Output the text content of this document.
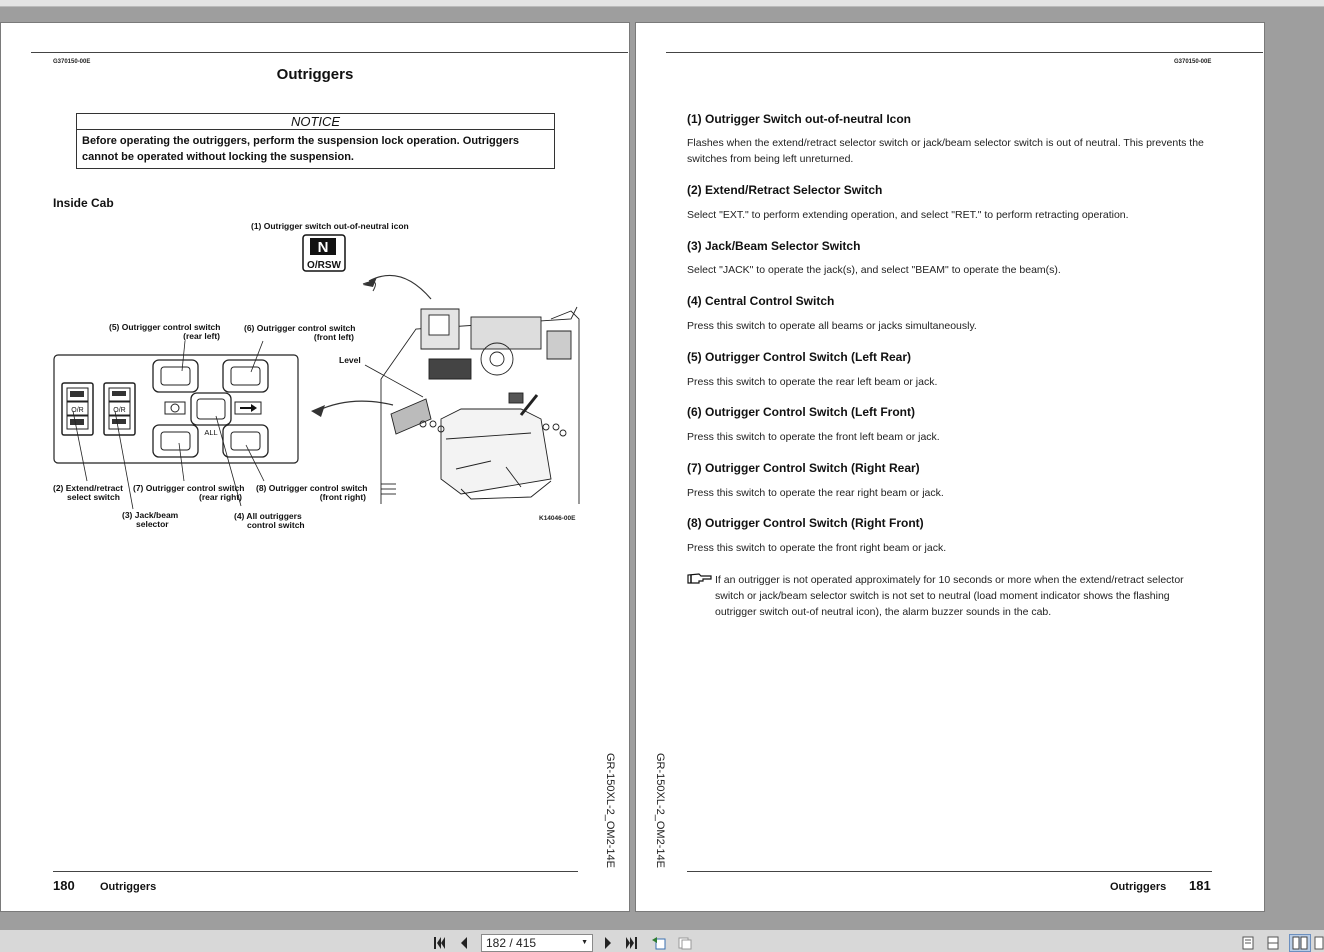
G370150-00E
Outriggers
NOTICE
Before operating the outriggers, perform the suspension lock operation. Outriggers cannot be operated without locking the suspension.
Inside Cab
(1) Outrigger switch out-of-neutral icon
N
O/RSW
(5) Outrigger control switch
(rear left)
(6) Outrigger control switch
(front left)
Level
O/R	O/R
ALL
(2) Extend/retract
select switch
(7) Outrigger control switch
(rear right)
(8) Outrigger control switch
(front right)
(3) Jack/beam
selector
(4) All outriggers
control switch
K14046-00E
GR-150XL-2_OM2-14E
180 Outriggers
G370150-00E
(1) Outrigger Switch out-of-neutral Icon
Flashes when the extend/retract selector switch or jack/beam selector switch is out of neutral. This prevents the switches from being left unreturned.
(2) Extend/Retract Selector Switch
Select "EXT." to perform extending operation, and select "RET." to perform retracting operation.
(3) Jack/Beam Selector Switch
Select "JACK" to operate the jack(s), and select "BEAM" to operate the beam(s).
(4) Central Control Switch
Press this switch to operate all beams or jacks simultaneously.
(5) Outrigger Control Switch (Left Rear)
Press this switch to operate the rear left beam or jack.
(6) Outrigger Control Switch (Left Front)
Press this switch to operate the front left beam or jack.
(7) Outrigger Control Switch (Right Rear)
Press this switch to operate the rear right beam or jack.
(8) Outrigger Control Switch (Right Front)
Press this switch to operate the front right beam or jack.
If an outrigger is not operated approximately for 10 seconds or more when the extend/retract selector switch or jack/beam selector switch is not set to neutral (load moment indicator shows the flashing outrigger switch out-of neutral icon), the alarm buzzer sounds in the cab.
GR-150XL-2_OM2-14E
Outriggers 181
182 / 415	▼
